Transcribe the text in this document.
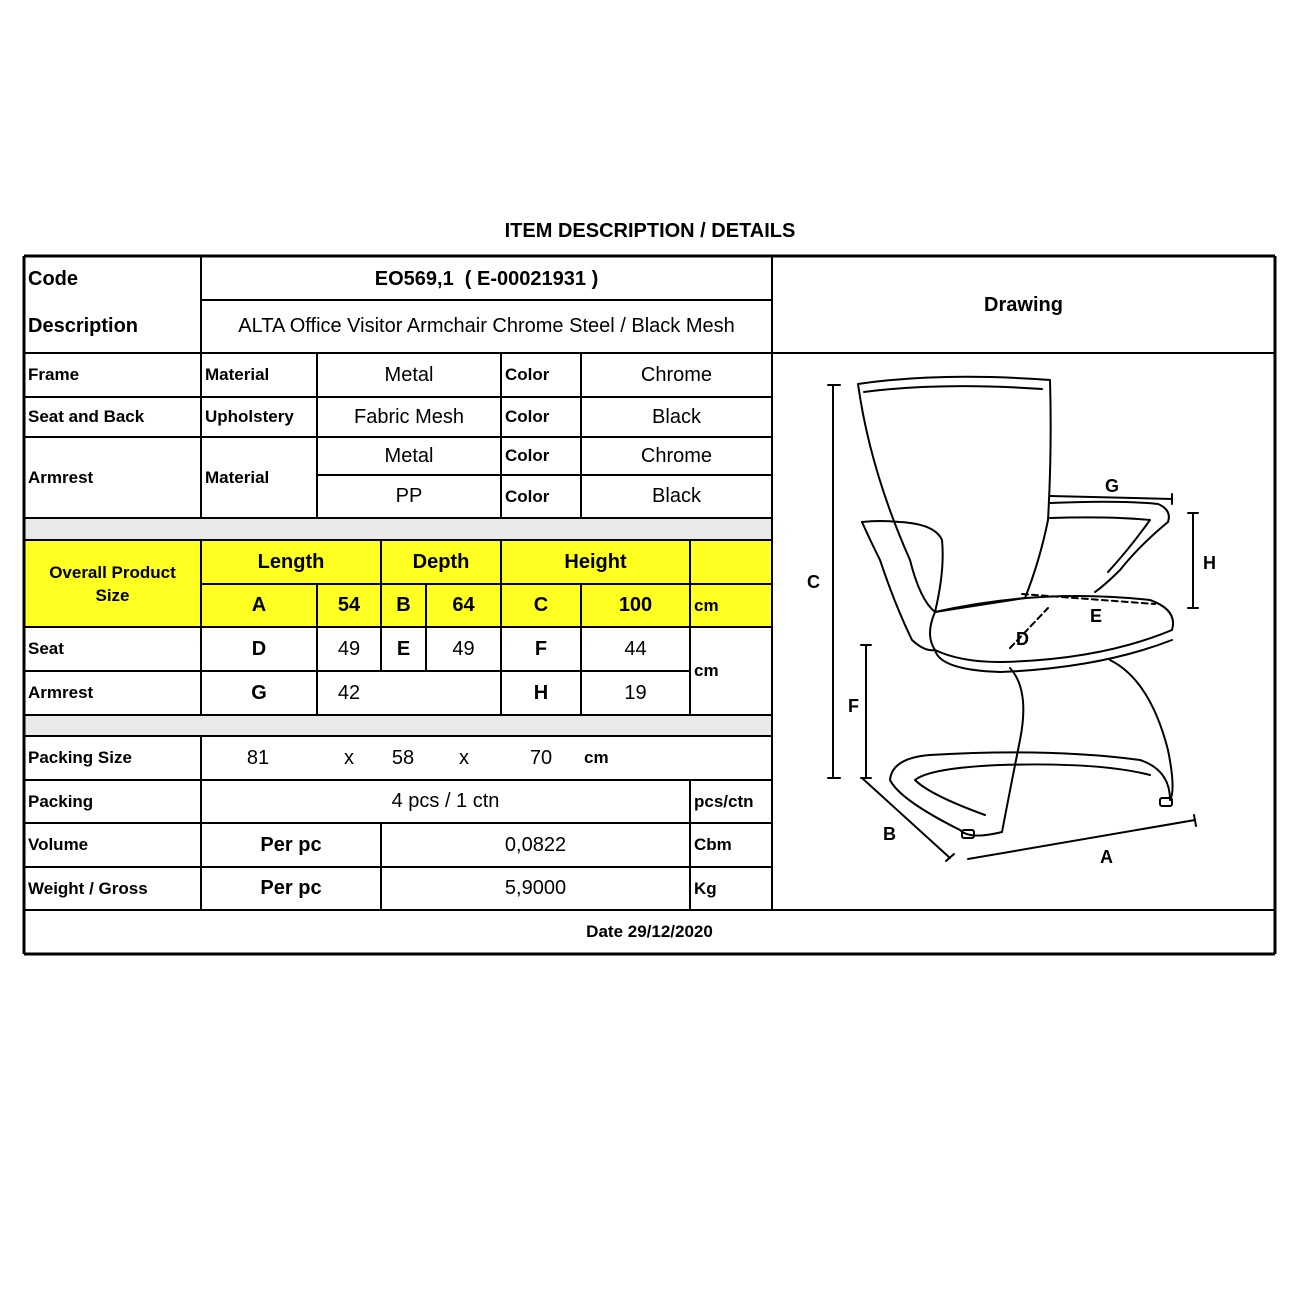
ITEM DESCRIPTION / DETAILS
Code	EO569,1  ( E-00021931 )
Description	ALTA Office Visitor Armchair Chrome Steel / Black Mesh
Drawing
Frame	Material	Metal	Color	Chrome
Seat and Back	Upholstery	Fabric Mesh	Color	Black
Armrest	Material
Metal	Color	Chrome
PP	Color	Black
Overall Product Size
Length	Depth	Height
A	54	B	64	C	100	cm
Seat	D	49	E	49	F	44
cm
Armrest	G	42	H	19
Packing Size	81	x	58	x	70	cm
Packing	4 pcs / 1 ctn	pcs/ctn
Volume	Per pc	0,0822	Cbm
Weight / Gross	Per pc	5,9000	Kg
Date 29/12/2020
C
F
G
H
E
D
B
A
